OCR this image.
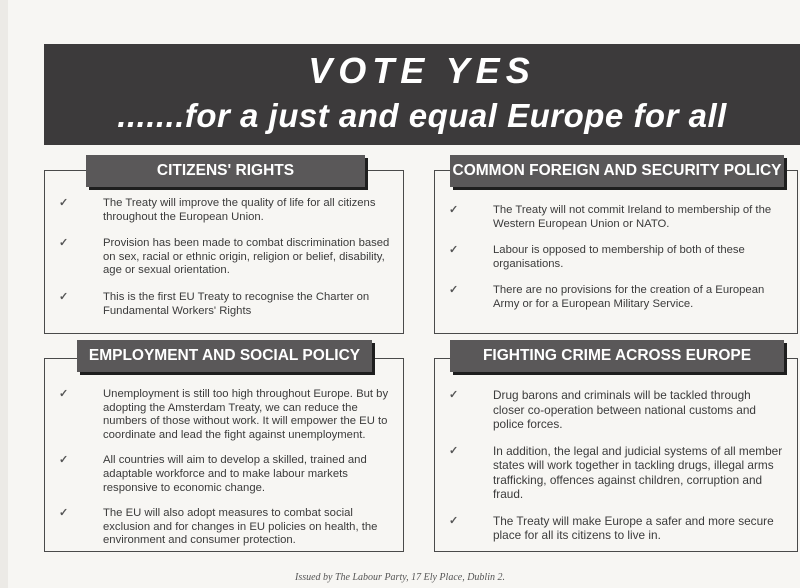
VOTE YES
.......for a just and equal Europe for all
✓	The Treaty will improve the quality of life for all citizens throughout the European Union.
✓	Provision has been made to combat discrimination based on sex, racial or ethnic origin, religion or belief, disability, age or sexual orientation.
✓	This is the first EU Treaty to recognise the Charter on Fundamental Workers' Rights
CITIZENS' RIGHTS
✓	The Treaty will not commit Ireland to membership of the Western European Union or NATO.
✓	Labour is opposed to membership of both of these organisations.
✓	There are no provisions for the creation of a European Army or for a European Military Service.
COMMON FOREIGN AND SECURITY POLICY
✓	Unemployment is still too high throughout Europe. But by adopting the Amsterdam Treaty, we can reduce the numbers of those without work. It will empower the EU to coordinate and lead the fight against unemployment.
✓	All countries will aim to develop a skilled, trained and adaptable workforce and to make labour markets responsive to economic change.
✓	The EU will also adopt measures to combat social exclusion and for changes in EU policies on health, the environment and consumer protection.
EMPLOYMENT AND SOCIAL POLICY
✓	Drug barons and criminals will be tackled through closer co-operation between national customs and police forces.
✓	In addition, the legal and judicial systems of all member states will work together in tackling drugs, illegal arms trafficking, offences against children, corruption and fraud.
✓	The Treaty will make Europe a safer and more secure place for all its citizens to live in.
FIGHTING CRIME ACROSS EUROPE
Issued by The Labour Party, 17 Ely Place, Dublin 2.
